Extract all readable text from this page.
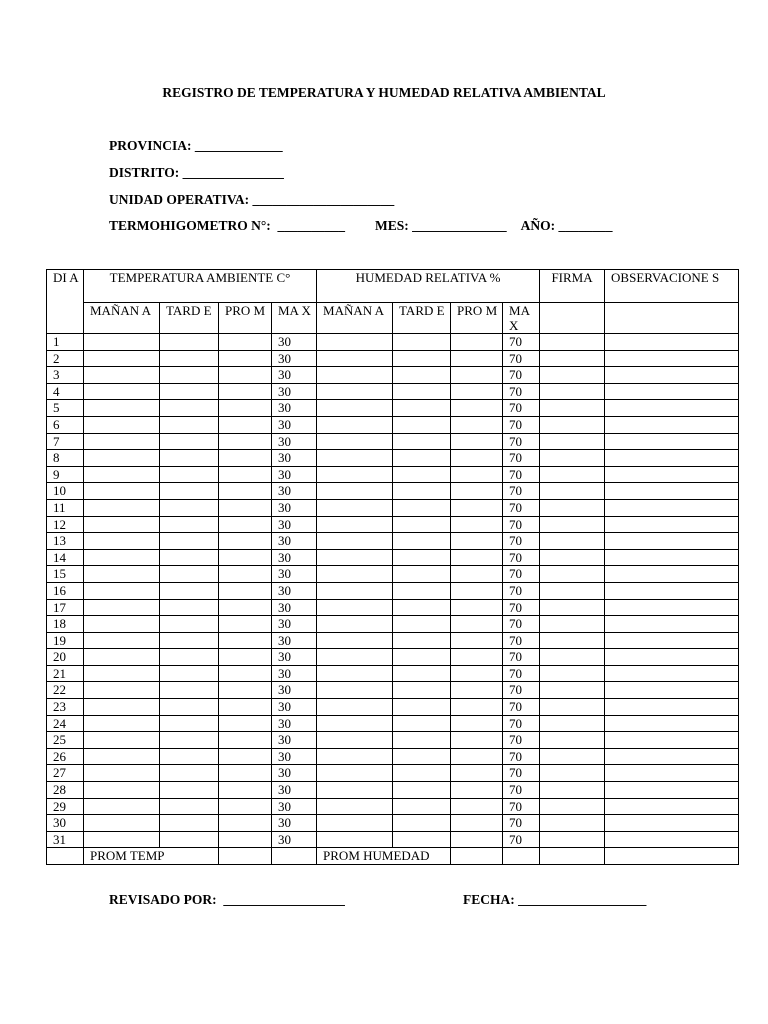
REGISTRO DE TEMPERATURA Y HUMEDAD RELATIVA AMBIENTAL
PROVINCIA: _____________
DISTRITO: _______________
UNIDAD OPERATIVA: _____________________
TERMOHIGOMETRO N°:  __________ MES: ______________ AÑO: ________
DI A	TEMPERATURA AMBIENTE C°				HUMEDAD RELATIVA %				FIRMA	OBSERVACIONE S
	MAÑAN A	TARD E	PRO M	MA X	MAÑAN A	TARD E	PRO M	MA X		
1				30				70		
2				30				70		
3				30				70		
4				30				70		
5				30				70		
6				30				70		
7				30				70		
8				30				70		
9				30				70		
10				30				70		
11				30				70		
12				30				70		
13				30				70		
14				30				70		
15				30				70		
16				30				70		
17				30				70		
18				30				70		
19				30				70		
20				30				70		
21				30				70		
22				30				70		
23				30				70		
24				30				70		
25				30				70		
26				30				70		
27				30				70		
28				30				70		
29				30				70		
30				30				70		
31				30				70		
	PROM TEMP				PROM HUMEDAD					
REVISADO POR:  __________________	FECHA: ___________________
